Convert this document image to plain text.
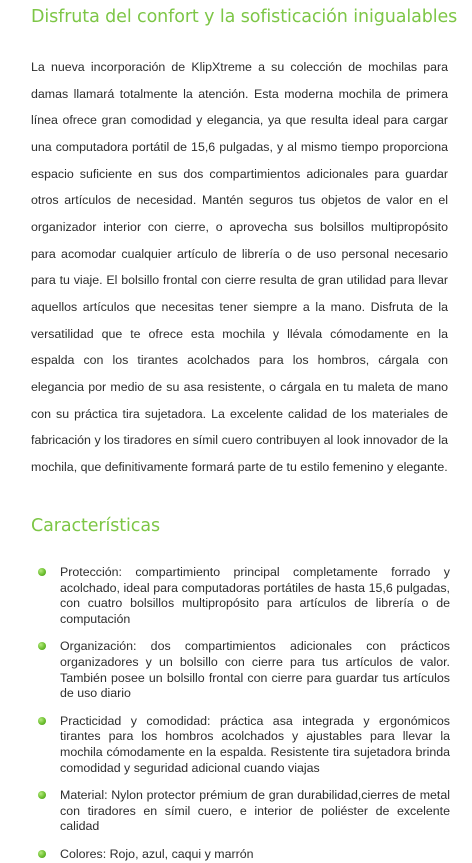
Disfruta del confort y la sofisticación inigualables

La nueva incorporación de KlipXtreme a su colección de mochilas para damas llamará totalmente la atención. Esta moderna mochila de primera línea ofrece gran comodidad y elegancia, ya que resulta ideal para cargar una computadora portátil de 15,6 pulgadas, y al mismo tiempo proporciona espacio suficiente en sus dos compartimientos adicionales para guardar otros artículos de necesidad. Mantén seguros tus objetos de valor en el organizador interior con cierre, o aprovecha sus bolsillos multipropósito para acomodar cualquier artículo de librería o de uso personal necesario para tu viaje. El bolsillo frontal con cierre resulta de gran utilidad para llevar aquellos artículos que necesitas tener siempre a la mano. Disfruta de la versatilidad que te ofrece esta mochila y llévala cómodamente en la espalda con los tirantes acolchados para los hombros, cárgala con elegancia por medio de su asa resistente, o cárgala en tu maleta de mano con su práctica tira sujetadora. La excelente calidad de los materiales de fabricación y los tiradores en símil cuero contribuyen al look innovador de la mochila, que definitivamente formará parte de tu estilo femenino y elegante.

Características
Protección: compartimiento principal completamente forrado y acolchado, ideal para computadoras portátiles de hasta 15,6 pulgadas, con cuatro bolsillos multipropósito para artículos de librería o de computación
Organización: dos compartimientos adicionales con prácticos organizadores y un bolsillo con cierre para tus artículos de valor. También posee un bolsillo frontal con cierre para guardar tus artículos de uso diario
Practicidad y comodidad: práctica asa integrada y ergonómicos tirantes para los hombros acolchados y ajustables para llevar la mochila cómodamente en la espalda. Resistente tira sujetadora brinda comodidad y seguridad adicional cuando viajas
Material: Nylon protector prémium de gran durabilidad,cierres de metal con tiradores en símil cuero, e interior de poliéster de excelente calidad
Colores: Rojo, azul, caqui y marrón
